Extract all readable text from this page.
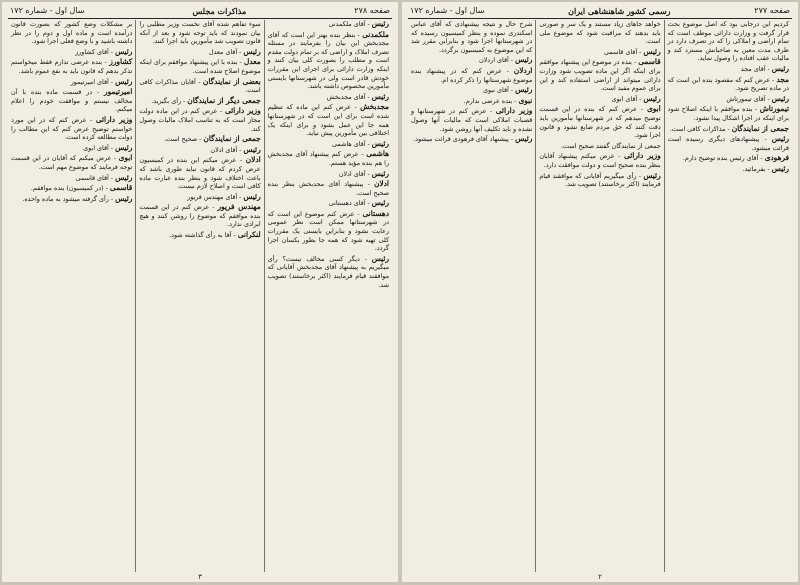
صفحه ۲۷۸
مذاکرات مجلس
سال اول - شماره ۱۷۲

رئیس - آقای ملکمدنی

ملکمدنی - بنظر بنده بهتر این است که آقای مجدبخش این بیان را بفرمایند در مسئله تصرف املاک و اراضی که بر تمام دولت مقدم است و مطلب را بصورت کلی بیان کنند و اینکه وزارت دارائی برای اجرای این مقررات خودش قادر است ولی در شهرستانها بایستی مأمورین مخصوص داشته باشد.

رئیس - آقای مجدبخش

مجدبخش - عرض کنم این ماده که تنظیم شده است برای این است که در شهرستانها همه جا این عمل بشود و برای اینکه یک اختلافی بین مأمورین پیش نیاید.

رئیس - آقای هاشمی

هاشمی - عرض کنم پیشنهاد آقای مجدبخش را هم بنده مؤید هستم.

رئیس - آقای ادلان

ادلان - پیشنهاد آقای مجدبخش بنظر بنده صحیح است.

رئیس - آقای دهستانی

دهستانی - عرض کنم موضوع این است که در شهرستانها ممکن است نظر عمومی رعایت نشود و بنابراین بایستی یک مقررات کلی تهیه شود که همه جا بطور یکسان اجرا گردد.

رئیس - دیگر کسی مخالف نیست؟ رأی میگیریم به پیشنهاد آقای مجدبخش آقایانی که موافقند قیام فرمایند (اکثر برخاستند) تصویب شد.

سوء تفاهم شده آقای نخست وزیر مطلبی را بیان نمودند که باید توجه شود و بعد از آنکه قانون تصویب شد مأمورین باید اجرا کنند.

رئیس - آقای معدل

معدل - بنده با این پیشنهاد موافقم برای اینکه موضوع اصلاح شده است.

بعضی از نمایندگان - آقایان مذاکرات کافی است.

جمعی دیگر از نمایندگان - رأی بگیرید.

وزیر دارائی - عرض کنم در این ماده دولت مجاز است که به تناسب املاک مالیات وصول کند.

جمعی از نمایندگان - صحیح است.

رئیس - آقای ادلان

ادلان - عرض میکنم این بنده در کمیسیون عرض کردم که قانون نباید طوری باشد که باعث اختلاف شود و بنظر بنده عبارت ماده کافی است و اصلاح لازم نیست.

رئیس - آقای مهندس فریور

مهندس فریور - عرض کنم در این قسمت بنده موافقم که موضوع را روشن کنند و هیچ ایرادی ندارد.

لنکرانی - آقا به رأی گذاشته شود.

بر مشکلات وضع کشور که بصورت قانون درآمده است و ماده اول و دوم را در نظر داشته باشید و با وضع فعلی اجرا شود.

رئیس - آقای کشاورز

کشاورز - بنده عرضی ندارم فقط میخواستم تذکر بدهم که قانون باید به نفع عموم باشد.

رئیس - آقای امیرتیمور

امیرتیمور - در قسمت ماده بنده با آن مخالف نیستم و موافقت خودم را اعلام میکنم.

وزیر دارائی - عرض کنم که در این مورد خواستم توضیح عرض کنم که این مطالب را دولت مطالعه کرده است.

رئیس - آقای ابوی

ابوی - عرض میکنم که آقایان در این قسمت توجه فرمایند که موضوع مهم است.

رئیس - آقای قاسمی

قاسمی - (در کمیسیون) بنده موافقم.

رئیس - رأی گرفته میشود به ماده واحده.

۳
صفحه ۲۷۷
رسمی کشور شاهنشاهی ایران
سال اول - شماره ۱۷۲

کردیم این درجایی بود که اصل موضوع بحث قرار گرفت و وزارت دارائی موظف است که تمام اراضی و املاکی را که در تصرف دارد در ظرف مدت معین به صاحبانش مسترد کند و مالیات عقب افتاده را وصول نماید.

رئیس - آقای مجد

مجد - عرض کنم که مقصود بنده این است که در ماده تصریح شود.

رئیس - آقای تیمورتاش

تیمورتاش - بنده موافقم با اینکه اصلاح شود برای اینکه در اجرا اشکال پیدا نشود.

جمعی از نمایندگان - مذاکرات کافی است.

رئیس - پیشنهادهای دیگری رسیده است قرائت میشود.

فرهودی - آقای رئیس بنده توضیح دارم.

رئیس - بفرمائید.

خواهد جاهای زیاد مستند و یک سر و صورتی باید بدهند که مراقبت شود که موضوع ملی است.

رئیس - آقای قاسمی

قاسمی - بنده در موضوع این پیشنهاد موافقم برای اینکه اگر این ماده تصویب شود وزارت دارائی میتواند از اراضی استفاده کند و این برای عموم مفید است.

رئیس - آقای ابوی

ابوی - عرض کنم که بنده در این قسمت توضیح میدهم که در شهرستانها مأمورین باید دقت کنند که حق مردم ضایع نشود و قانون اجرا شود.

جمعی از نمایندگان گفتند صحیح است.

وزیر دارائی - عرض میکنم پیشنهاد آقایان بنظر بنده صحیح است و دولت موافقت دارد.

رئیس - رأی میگیریم آقایانی که موافقند قیام فرمایند (اکثر برخاستند) تصویب شد.

شرح حال و نتیجه پیشنهادی که آقای عباس اسکندری نموده و بنظر کمیسیون رسیده که در شهرستانها اجرا شود و بنابراین مقرر شد که این موضوع به کمیسیون برگردد.

رئیس - آقای اردلان

اردلان - عرض کنم که در پیشنهاد بنده موضوع شهرستانها را ذکر کرده ام.

رئیس - آقای نبوی

نبوی - بنده عرضی ندارم.

وزیر دارائی - عرض کنم در شهرستانها و قصبات املاکی است که مالیات آنها وصول نشده و باید تکلیف آنها روشن شود.

رئیس - پیشنهاد آقای فرهودی قرائت میشود.

۲
